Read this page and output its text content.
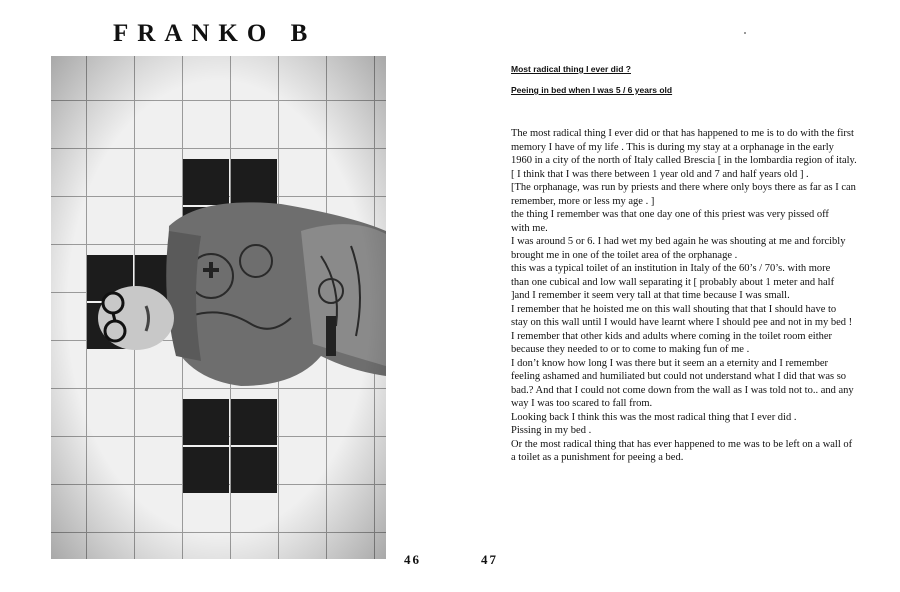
FRANKO B
46	47
Most radical thing I ever did ?
Peeing in bed when I was 5 / 6 years old

The most radical thing I ever did or that has happened to me is to do with the first

memory I have of my life . This is during my stay at a orphanage in the early

1960 in a city of the north of Italy called Brescia [ in the lombardia region of italy.

[ I think that I was there between 1 year old and 7 and half years old ] .

[The orphanage, was run by priests and there where only boys there as far as I can

remember, more or less my age . ]

the thing I remember was that one day one of this priest was very pissed off

with me.

I was around 5 or 6. I had wet my bed again he was shouting at me and forcibly

brought me in one of the toilet area of the orphanage .

this was a typical toilet of an institution in Italy of the 60’s / 70’s. with more

than one cubical and low wall separating it [ probably about 1 meter and half

]and I remember it seem very tall at that time because I was small.

I remember that he hoisted me on this wall shouting that that I should have to

stay on this wall until I would have learnt where I should pee and not in my bed !

I remember that other kids and adults where coming in the toilet room either

because they needed to or to come to making fun of me .

I don’t know how long I was there but it seem an a eternity and I remember

feeling ashamed and humiliated but could not understand what I did that was so

bad.? And that I could not come down from the wall as I was told not to.. and any

way I was too scared to fall from.

Looking back I think this was the most radical thing that I ever did .

Pissing in my bed .

Or the most radical thing that has ever happened to me was to be left on a wall of

a toilet as a punishment for peeing a bed.
